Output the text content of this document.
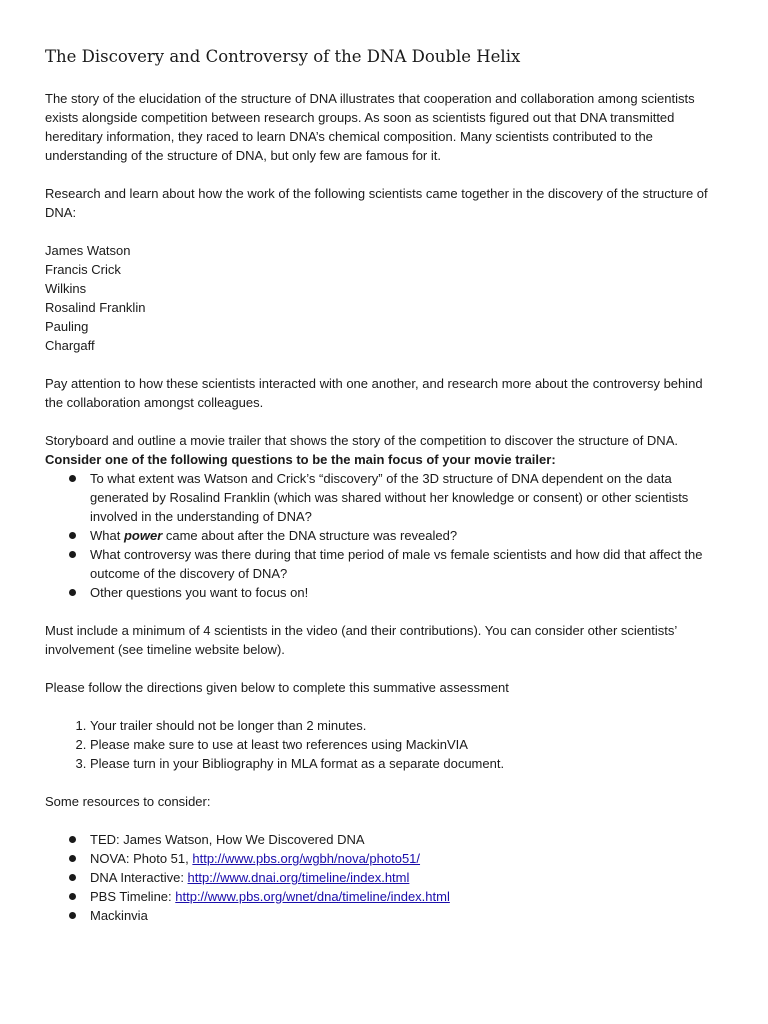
The Discovery and Controversy of the DNA Double Helix

The story of the elucidation of the structure of DNA illustrates that cooperation and collaboration among scientists exists alongside competition between research groups. As soon as scientists figured out that DNA transmitted hereditary information, they raced to learn DNA’s chemical composition. Many scientists contributed to the understanding of the structure of DNA, but only few are famous for it.

Research and learn about how the work of the following scientists came together in the discovery of the structure of DNA:

James Watson
Francis Crick
Wilkins
Rosalind Franklin
Pauling
Chargaff

Pay attention to how these scientists interacted with one another, and research more about the controversy behind the collaboration amongst colleagues.

Storyboard and outline a movie trailer that shows the story of the competition to discover the structure of DNA. Consider one of the following questions to be the main focus of your movie trailer:

To what extent was Watson and Crick’s “discovery” of the 3D structure of DNA dependent on the data generated by Rosalind Franklin (which was shared without her knowledge or consent) or other scientists involved in the understanding of DNA?
What power came about after the DNA structure was revealed?
What controversy was there during that time period of male vs female scientists and how did that affect the outcome of the discovery of DNA?
Other questions you want to focus on!

Must include a minimum of 4 scientists in the video (and their contributions). You can consider other scientists’ involvement (see timeline website below).

Please follow the directions given below to complete this summative assessment

1. Your trailer should not be longer than 2 minutes.
2. Please make sure to use at least two references using MackinVIA
3. Please turn in your Bibliography in MLA format as a separate document.

Some resources to consider:

TED: James Watson, How We Discovered DNA
NOVA: Photo 51, http://www.pbs.org/wgbh/nova/photo51/
DNA Interactive: http://www.dnai.org/timeline/index.html
PBS Timeline: http://www.pbs.org/wnet/dna/timeline/index.html
Mackinvia
